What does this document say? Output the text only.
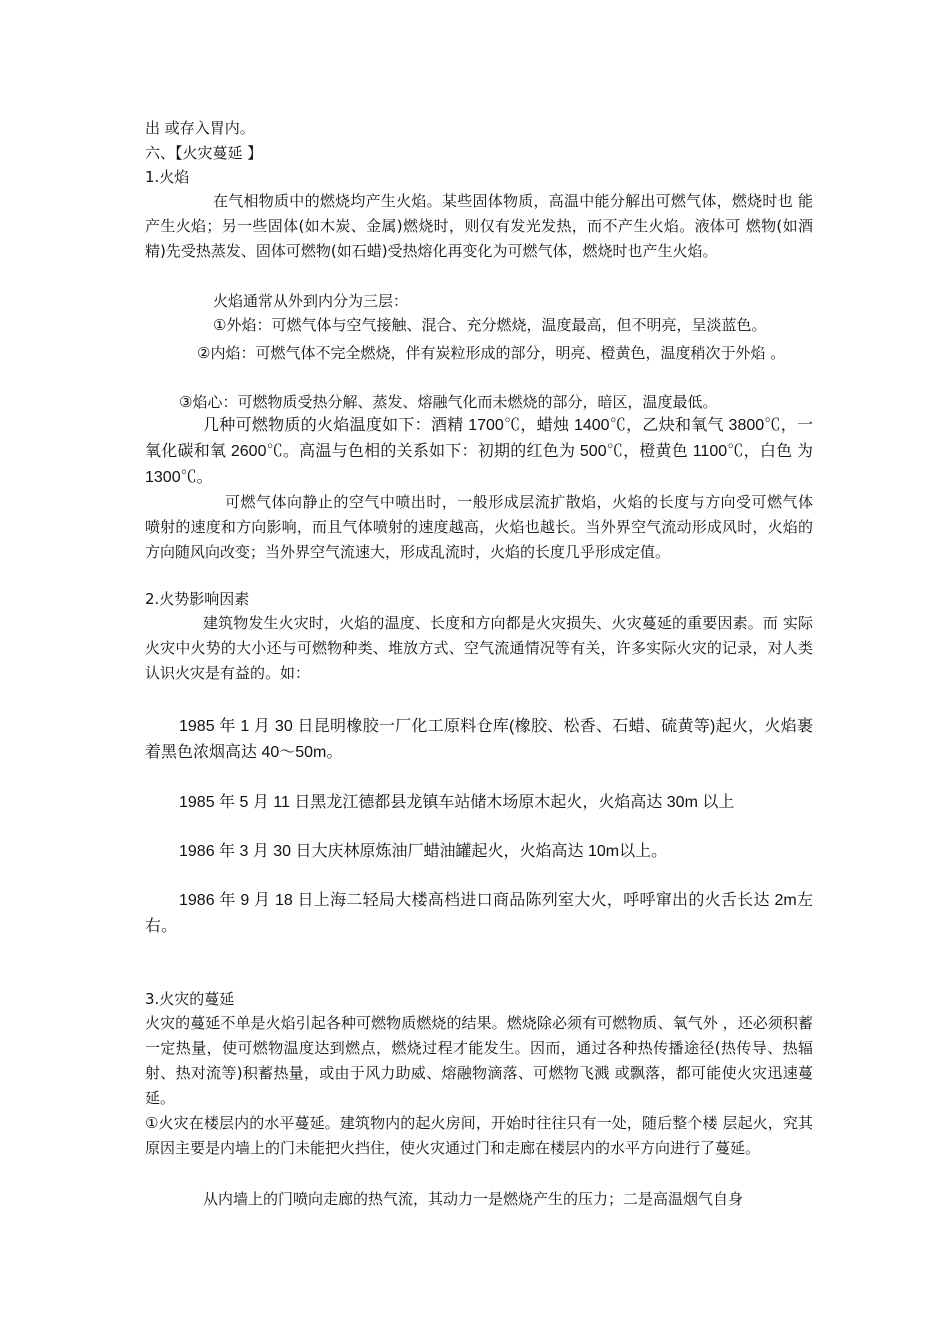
出 或存入胃内。

六、【火灾蔓延 】

1.火焰

在气相物质中的燃烧均产生火焰。某些固体物质，高温中能分解出可燃气体，燃烧时也 能产生火焰；另一些固体(如木炭、金属)燃烧时，则仅有发光发热，而不产生火焰。液体可 燃物(如酒精)先受热蒸发、固体可燃物(如石蜡)受热熔化再变化为可燃气体，燃烧时也产生火焰。

火焰通常从外到内分为三层：

①外焰：可燃气体与空气接触、混合、充分燃烧，温度最高，但不明亮，呈淡蓝色。

②内焰：可燃气体不完全燃烧，伴有炭粒形成的部分，明亮、橙黄色，温度稍次于外焰 。

③焰心：可燃物质受热分解、蒸发、熔融气化而未燃烧的部分，暗区，温度最低。

几种可燃物质的火焰温度如下：酒精 1700℃，蜡烛 1400℃，乙炔和氧气 3800℃，一氧化碳和氧 2600℃。高温与色相的关系如下：初期的红色为 500℃，橙黄色 1100℃，白色 为 1300℃。

可燃气体向静止的空气中喷出时，一般形成层流扩散焰，火焰的长度与方向受可燃气体 喷射的速度和方向影响，而且气体喷射的速度越高，火焰也越长。当外界空气流动形成风时，火焰的方向随风向改变；当外界空气流速大，形成乱流时，火焰的长度几乎形成定值。

2.火势影响因素

建筑物发生火灾时，火焰的温度、长度和方向都是火灾损失、火灾蔓延的重要因素。而 实际火灾中火势的大小还与可燃物种类、堆放方式、空气流通情况等有关，许多实际火灾的记录，对人类认识火灾是有益的。如：

1985 年 1 月 30 日昆明橡胶一厂化工原料仓库(橡胶、松香、石蜡、硫黄等)起火，火焰裹着黑色浓烟高达 40～50m。

1985 年 5 月 11 日黑龙江德都县龙镇车站储木场原木起火，火焰高达 30m 以上

1986 年 3 月 30 日大庆林原炼油厂蜡油罐起火，火焰高达 10m以上。

1986 年 9 月 18 日上海二轻局大楼高档进口商品陈列室大火，呼呼窜出的火舌长达 2m左右。

3.火灾的蔓延

火灾的蔓延不单是火焰引起各种可燃物质燃烧的结果。燃烧除必须有可燃物质、氧气外 ，还必须积蓄一定热量，使可燃物温度达到燃点，燃烧过程才能发生。因而，通过各种热传播途径(热传导、热辐射、热对流等)积蓄热量，或由于风力助威、熔融物滴落、可燃物飞溅 或飘落，都可能使火灾迅速蔓延。

①火灾在楼层内的水平蔓延。建筑物内的起火房间，开始时往往只有一处，随后整个楼 层起火，究其原因主要是内墙上的门未能把火挡住，使火灾通过门和走廊在楼层内的水平方向进行了蔓延。

从内墙上的门喷向走廊的热气流，其动力一是燃烧产生的压力；二是高温烟气自身
